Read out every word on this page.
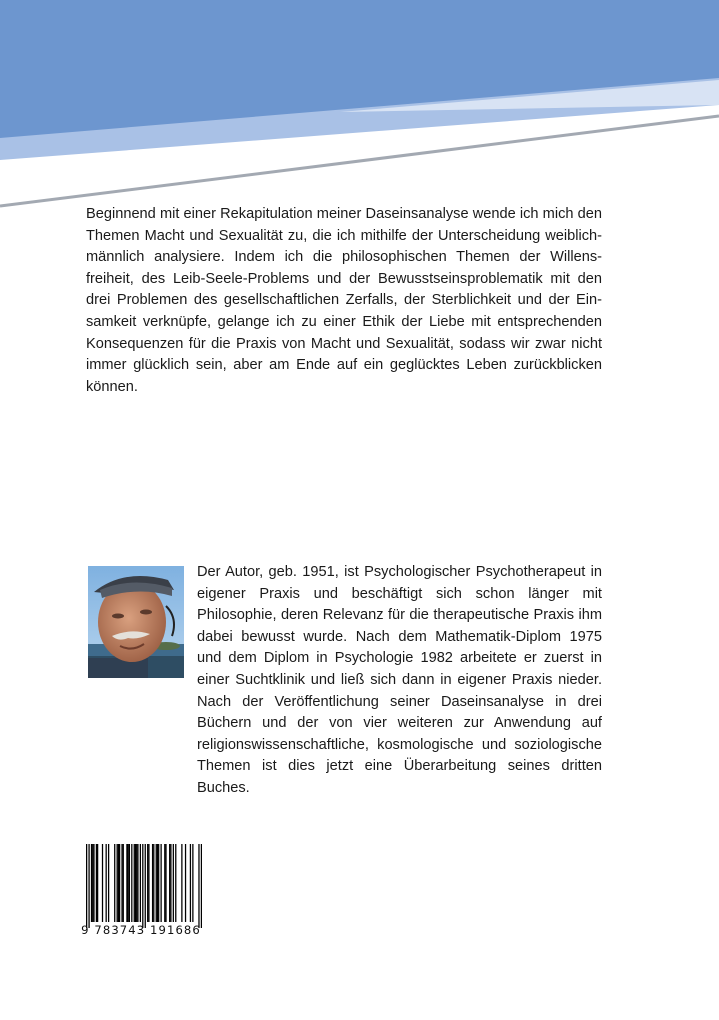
Beginnend mit einer Rekapitulation meiner Daseinsanalyse wende ich mich den Themen Macht und Sexualität zu, die ich mithilfe der Unterscheidung weiblich-männlich analysiere. Indem ich die philosophischen Themen der Willens-freiheit, des Leib-Seele-Problems und der Bewusstseinsproblematik mit den drei Problemen des gesellschaftlichen Zerfalls, der Sterblichkeit und der Ein-samkeit verknüpfe, gelange ich zu einer Ethik der Liebe mit entsprechenden Konsequenzen für die Praxis von Macht und Sexualität, sodass wir zwar nicht immer glücklich sein, aber am Ende auf ein geglücktes Leben zurückblicken können.

Der Autor, geb. 1951, ist Psychologischer Psychotherapeut in eigener Praxis und beschäftigt sich schon länger mit Philosophie, deren Relevanz für die therapeutische Praxis ihm dabei bewusst wurde. Nach dem Mathematik-Diplom 1975 und dem Diplom in Psychologie 1982 arbeitete er zuerst in einer Suchtklinik und ließ sich dann in eigener Praxis nieder. Nach der Veröffentlichung seiner Daseinsanalyse in drei Büchern und der von vier weiteren zur Anwendung auf religionswissenschaftliche, kosmologische und soziologische Themen ist dies jetzt eine Überarbeitung seines dritten Buches.

9 783743 191686
